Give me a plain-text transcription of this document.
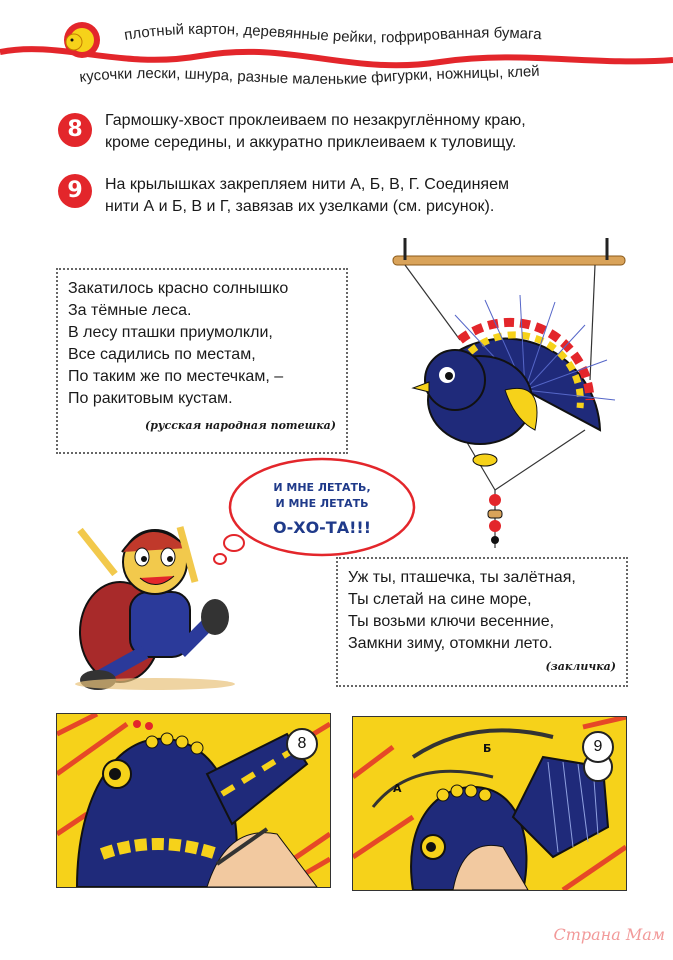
плотный картон, деревянные рейки, гофрированная бумага
кусочки лески, шнура, разные маленькие фигурки, ножницы, клей
8	Гармошку-хвост проклеиваем по незакруглённому краю,
кроме середины, и аккуратно приклеиваем к туловищу.
9	На крылышках закрепляем нити А, Б, В, Г. Соединяем
нити А и Б, В и Г, завязав их узелками (см. рисунок).
Закатилось красно солнышко
За тёмные леса.
В лесу пташки приумолкли,
Все садились по местам,
По таким же по местечкам, –
По ракитовым кустам.
(русская народная потешка)
И МНЕ ЛЕТАТЬ,
И МНЕ ЛЕТАТЬ
О-ХО-ТА!!!
Уж ты, пташечка, ты залётная,
Ты слетай на сине море,
Ты возьми ключи весенние,
Замкни зиму, отомкни лето.
(закличка)
8	Б
А
9
Страна Мам
